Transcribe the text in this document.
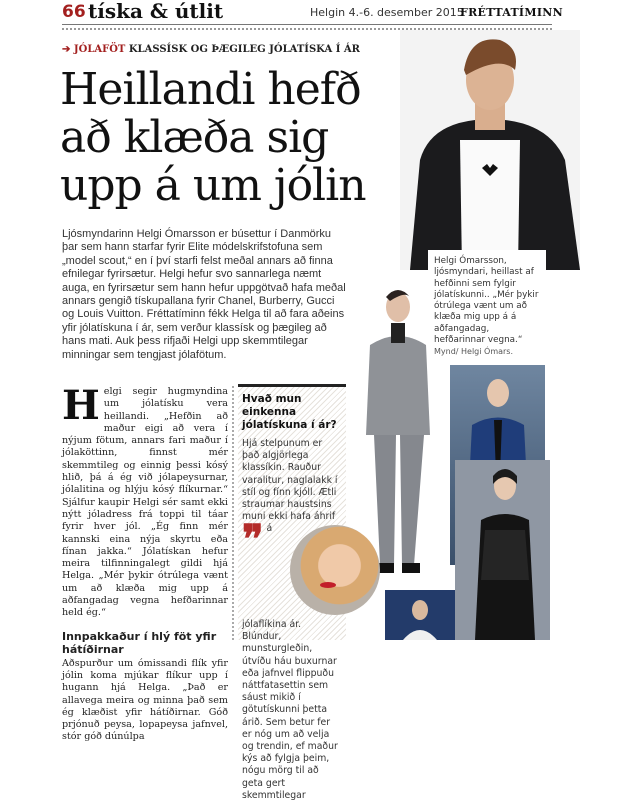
66 tíska & útlit	Helgin 4.-6. desember 2015
FRÉTTATÍMINN
➔ JÓLAFÖT KLASSÍSK OG ÞÆGILEG JÓLATÍSKA Í ÁR
Heillandi hefð
að klæða sig
upp á um jólin
Ljósmyndarinn Helgi Ómarsson er búsettur í Danmörku þar sem hann starfar fyrir Elite módelskrifstofuna sem „model scout,“ en í því starfi felst meðal annars að finna efnilegar fyrirsætur. Helgi hefur svo sannarlega næmt auga, en fyrirsætur sem hann hefur uppgötvað hafa meðal annars gengið tískupallana fyrir Chanel, Burberry, Gucci og Louis Vuitton. Fréttatíminn fékk Helga til að fara aðeins yfir jólatískuna í ár, sem verður klassísk og þægileg að hans mati. Auk þess rifjaði Helgi upp skemmtilegar minningar sem tengjast jólafötum.
H elgi segir hugmyndina um jólatísku vera heillandi. „Hefðin að maður eigi að vera í nýjum fötum, annars fari maður í jólaköttinn, finnst mér skemmtileg og einnig þessi kósý hlið, þá á ég við jólapeysurnar, jólalitina og hlýju kósý flíkurnar.“ Sjálfur kaupir Helgi sér samt ekki nýtt jóladress frá toppi til táar fyrir hver jól. „Ég finn mér kannski eina nýja skyrtu eða fínan jakka.“ Jólatískan hefur meira tilfinningalegt gildi hjá Helga. „Mér þykir ótrúlega vænt um að klæða mig upp á aðfangadag vegna hefðarinnar held ég.“

Innpakkaður í hlý föt yfir hátíðirnar

Aðspurður um ómissandi flík yfir jólin koma mjúkar flíkur upp í hugann hjá Helga. „Það er allavega meira og minna það sem ég klæðist yfir hátíðirnar. Góð prjónuð peysa, lopapeysa jafnvel, stór góð dúnúlpa

Hvað mun einkenna jólatískuna í ár?
❞

Hjá stelpunum er það algjörlega klassíkin. Rauður varalitur, naglalakk í stíl og fínn kjóll. Ætli straumar haustsins muni ekki hafa áhrif á jólaflíkina ár. Blúndur, munsturgleðin, útvíðu háu buxurnar eða jafnvel flippuðu náttfatasettin sem sáust mikið í götutískunni þetta árið. Sem betur fer er nóg um að velja og trendin, ef maður kýs að fylgja þeim, nógu mörg til að geta gert skemmtilegar

Helgi Ómarsson, ljósmyndari, heillast af hefðinni sem fylgir jólatískunni.. „Mér þykir ótrúlega vænt um að klæða mig upp á á aðfangadag, hefðarinnar vegna.“ Mynd/ Helgi Ómars.
